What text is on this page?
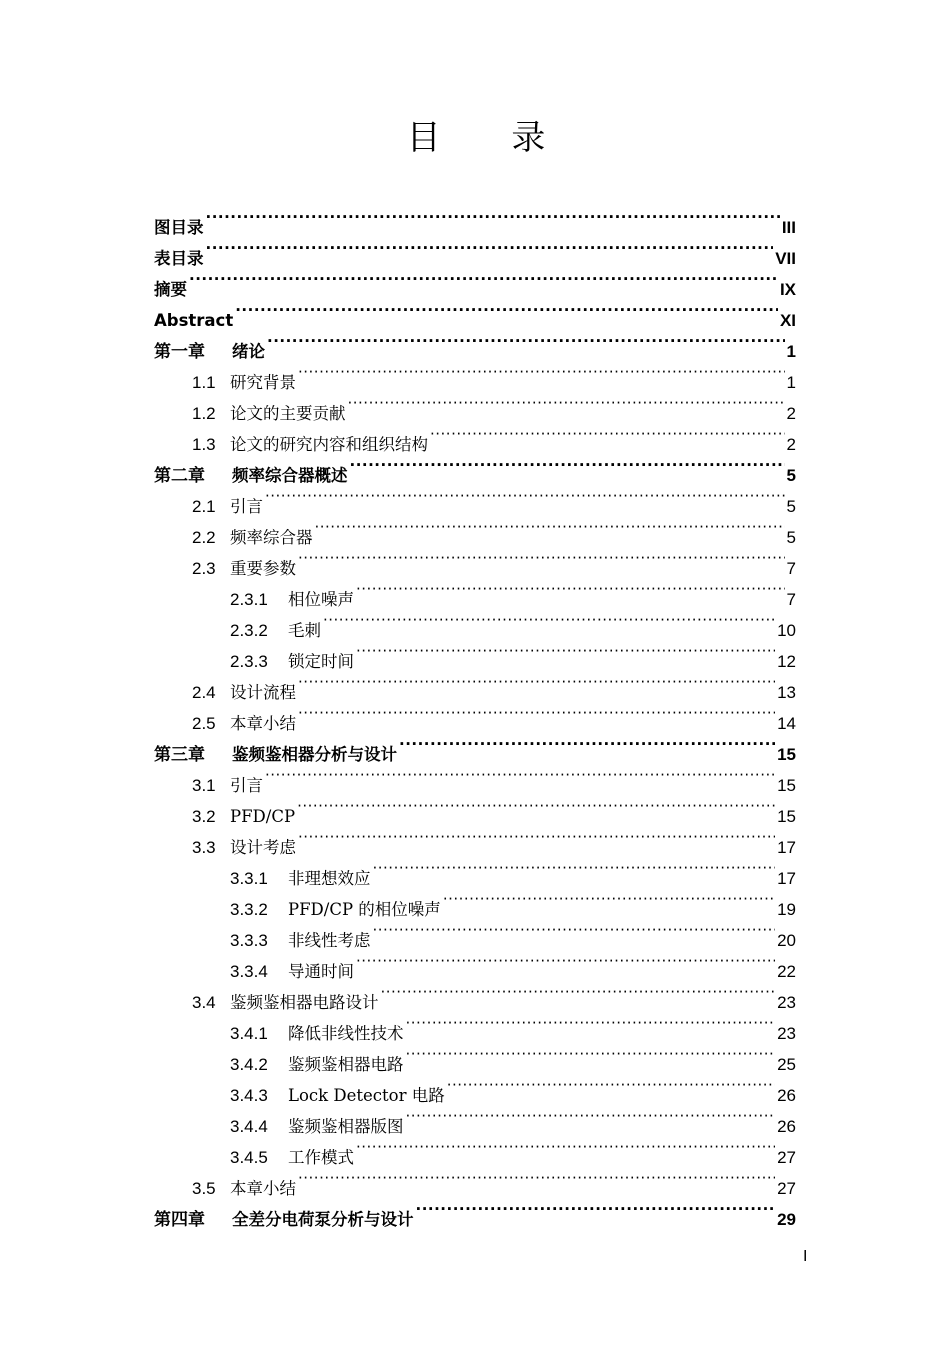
目 录
图目录 ·····	III
表目录 ·····	VII
摘要 ·····	IX
Abstract ·····	XI
第一章	绪论 ·····	1
1.1 研究背景 ·····	1
1.2 论文的主要贡献 ·····	2
1.3 论文的研究内容和组织结构 ·····	2
第二章	频率综合器概述 ·····	5
2.1 引言 ·····	5
2.2 频率综合器 ·····	5
2.3 重要参数 ·····	7
2.3.1	相位噪声 ·····	7
2.3.2	毛刺 ·····	10
2.3.3	锁定时间 ·····	12
2.4 设计流程 ·····	13
2.5 本章小结 ·····	14
第三章	鉴频鉴相器分析与设计 ·····	15
3.1 引言 ·····	15
3.2 PFD/CP ·····	15
3.3 设计考虑 ·····	17
3.3.1	非理想效应 ·····	17
3.3.2	PFD/CP 的相位噪声 ·····	19
3.3.3	非线性考虑 ·····	20
3.3.4	导通时间 ·····	22
3.4 鉴频鉴相器电路设计 ·····	23
3.4.1	降低非线性技术 ·····	23
3.4.2	鉴频鉴相器电路 ·····	25
3.4.3	Lock Detector 电路 ·····	26
3.4.4	鉴频鉴相器版图 ·····	26
3.4.5	工作模式 ·····	27
3.5 本章小结 ·····	27
第四章	全差分电荷泵分析与设计 ·····	29
I
